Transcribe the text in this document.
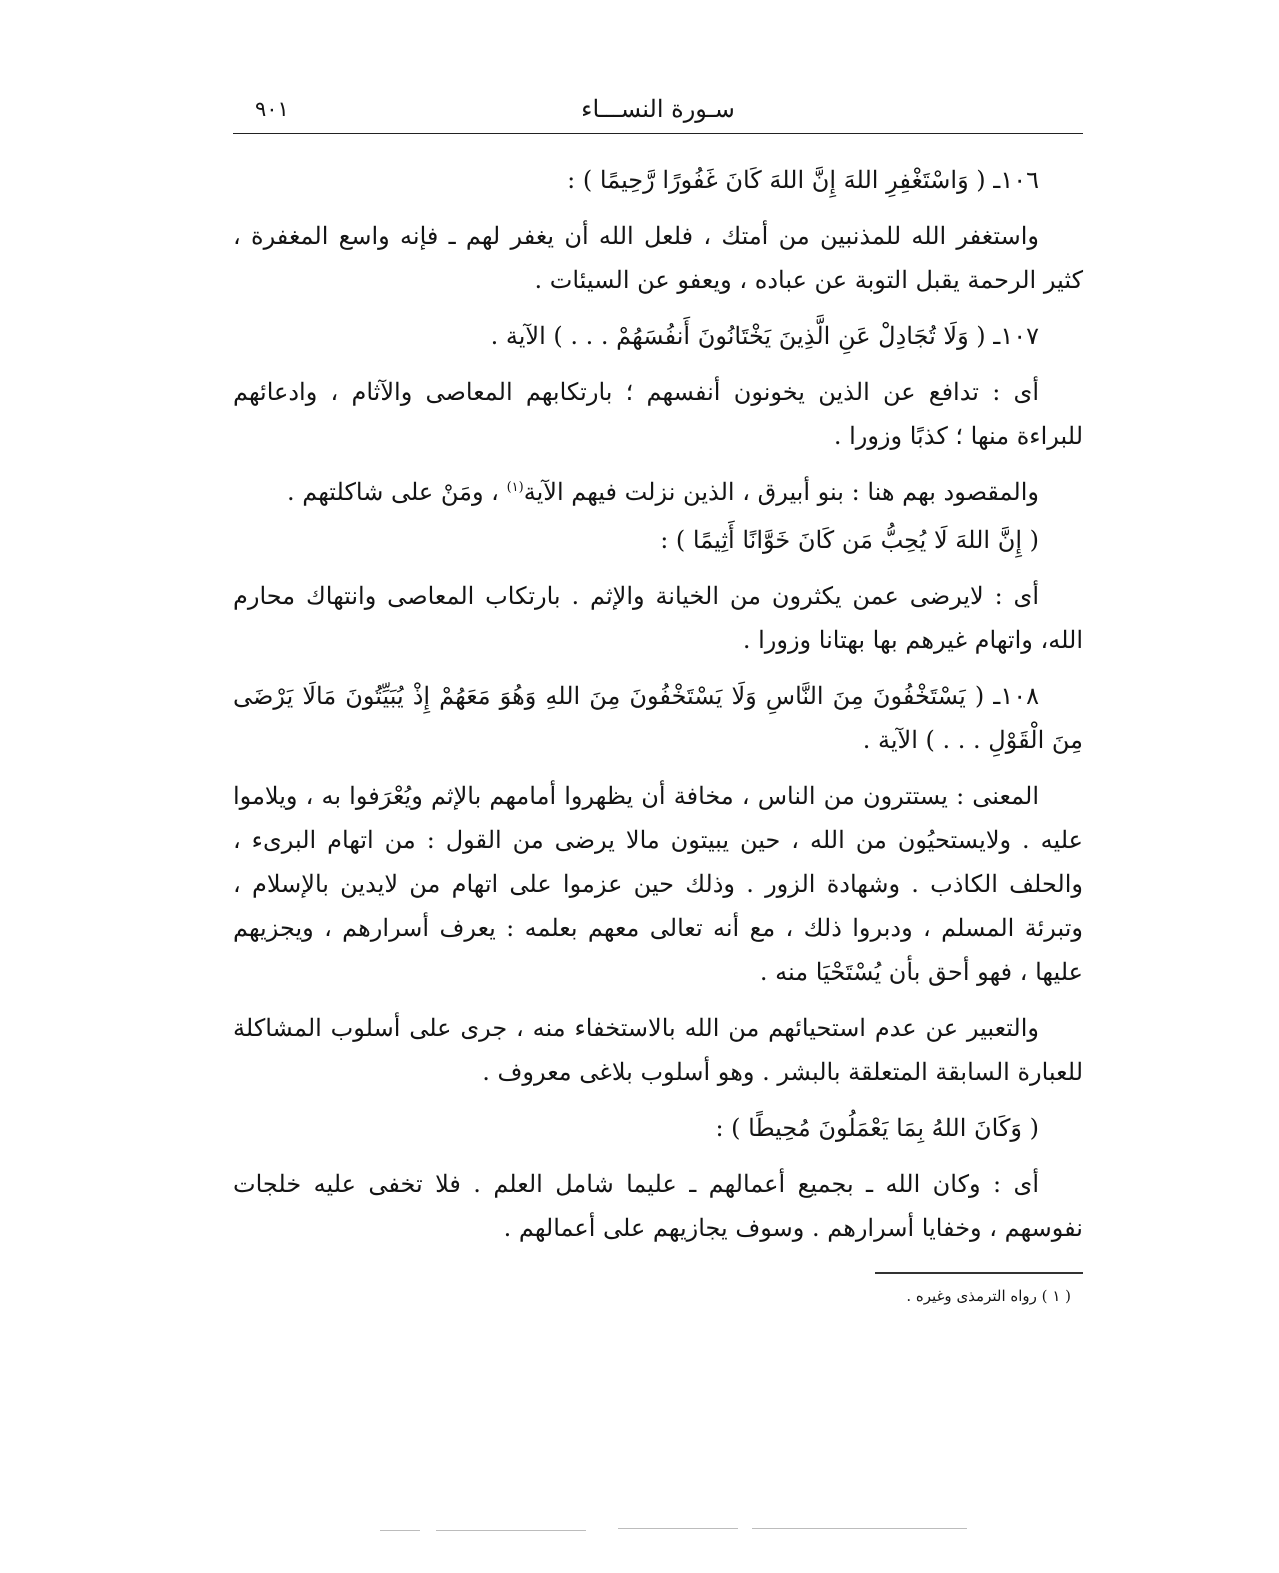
سـورة النســـاء
٩٠١

١٠٦ـ ( وَاسْتَغْفِرِ اللهَ إِنَّ اللهَ كَانَ غَفُورًا رَّحِيمًا ) :

واستغفر الله للمذنبين من أمتك ، فلعل الله أن يغفر لهم ـ فإنه واسع المغفرة ، كثير الرحمة يقبل التوبة عن عباده ، ويعفو عن السيئات .

١٠٧ـ ( وَلَا تُجَادِلْ عَنِ الَّذِينَ يَخْتَانُونَ أَنفُسَهُمْ . . . ) الآية .

أى : تدافع عن الذين يخونون أنفسهم ؛ بارتكابهم المعاصى والآثام ، وادعائهم للبراءة منها ؛ كذبًا وزورا .

والمقصود بهم هنا : بنو أبيرق ، الذين نزلت فيهم الآية$^{(١)}$ ، ومَنْ على شاكلتهم .

( إِنَّ اللهَ لَا يُحِبُّ مَن كَانَ خَوَّانًا أَثِيمًا ) :

أى : لايرضى عمن يكثرون من الخيانة والإثم . بارتكاب المعاصى وانتهاك محارم الله، واتهام غيرهم بها بهتانا وزورا .

١٠٨ـ ( يَسْتَخْفُونَ مِنَ النَّاسِ وَلَا يَسْتَخْفُونَ مِنَ اللهِ وَهُوَ مَعَهُمْ إِذْ يُبَيِّتُونَ مَالَا يَرْضَى مِنَ الْقَوْلِ . . . ) الآية .

المعنى : يستترون من الناس ، مخافة أن يظهروا أمامهم بالإثم ويُعْرَفوا به ، ويلاموا عليه . ولايستحيُون من الله ، حين يبيتون مالا يرضى من القول : من اتهام البرىء ، والحلف الكاذب . وشهادة الزور . وذلك حين عزموا على اتهام من لايدين بالإسلام ، وتبرئة المسلم ، ودبروا ذلك ، مع أنه تعالى معهم بعلمه : يعرف أسرارهم ، ويجزيهم عليها ، فهو أحق بأن يُسْتَحْيَا منه .

والتعبير عن عدم استحيائهم من الله بالاستخفاء منه ، جرى على أسلوب المشاكلة للعبارة السابقة المتعلقة بالبشر . وهو أسلوب بلاغى معروف .

( وَكَانَ اللهُ بِمَا يَعْمَلُونَ مُحِيطًا ) :

أى : وكان الله ـ بجميع أعمالهم ـ عليما شامل العلم . فلا تخفى عليه خلجات نفوسهم ، وخفايا أسرارهم . وسوف يجازيهم على أعمالهم .

( ١ ) رواه الترمذى وغيره .
